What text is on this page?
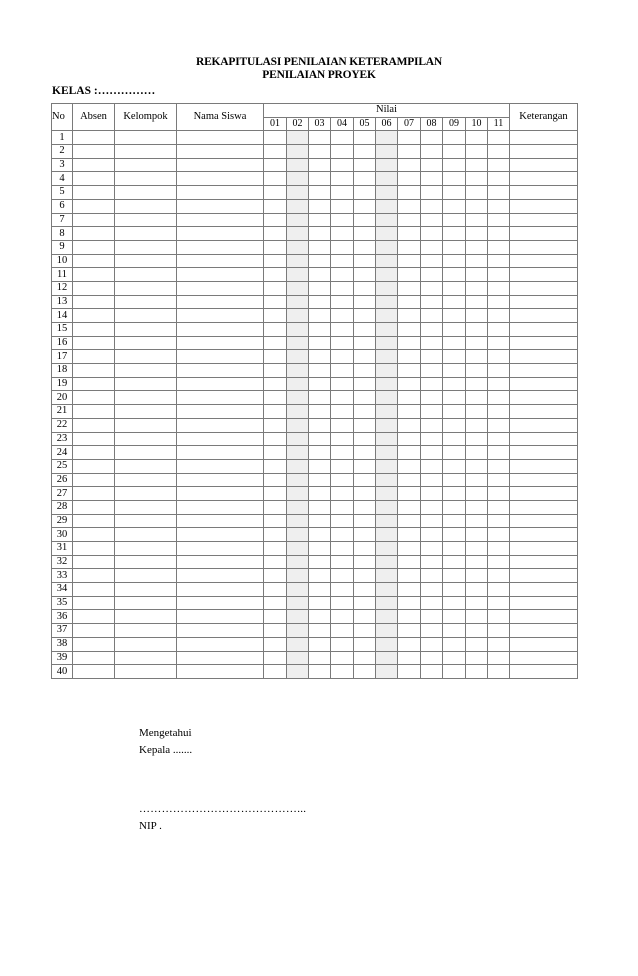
REKAPITULASI PENILAIAN KETERAMPILAN
PENILAIAN PROYEK
KELAS :……………
No	Absen	Kelompok	Nama Siswa	Nilai											Keterangan
				01	02	03	04	05	06	07	08	09	10	11	
1															
2															
3															
4															
5															
6															
7															
8															
9															
10															
11															
12															
13															
14															
15															
16															
17															
18															
19															
20															
21															
22															
23															
24															
25															
26															
27															
28															
29															
30															
31															
32															
33															
34															
35															
36															
37															
38															
39															
40															
Mengetahui
Kepala .......
……………………………………...
NIP .
